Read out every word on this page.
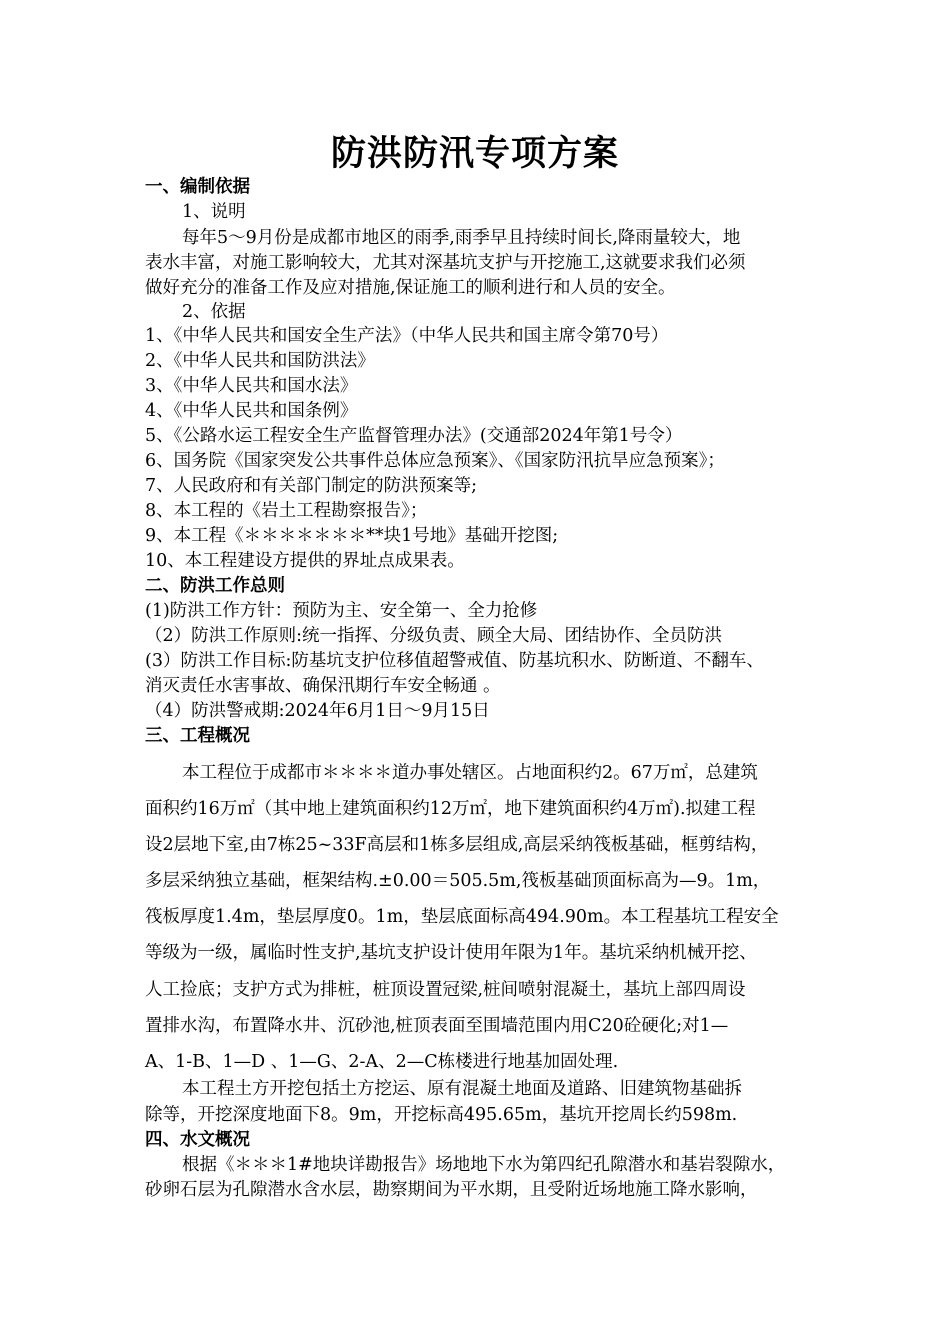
防洪防汛专项方案
一、编制依据
1、说明
每年5～9月份是成都市地区的雨季,雨季早且持续时间长,降雨量较大，地
表水丰富，对施工影响较大，尤其对深基坑支护与开挖施工,这就要求我们必须
做好充分的准备工作及应对措施,保证施工的顺利进行和人员的安全。
2、依据
1、《中华人民共和国安全生产法》（中华人民共和国主席令第70号）
2、《中华人民共和国防洪法》
3、《中华人民共和国水法》
4、《中华人民共和国条例》
5、《公路水运工程安全生产监督管理办法》(交通部2024年第1号令）
6、国务院《国家突发公共事件总体应急预案》、《国家防汛抗旱应急预案》；
7、人民政府和有关部门制定的防洪预案等;
8、本工程的《岩土工程勘察报告》；
9、本工程《＊＊＊＊＊＊＊**块1号地》基础开挖图;
10、本工程建设方提供的界址点成果表。
二、防洪工作总则
(1)防洪工作方针：预防为主、安全第一、全力抢修
（2）防洪工作原则:统一指挥、分级负责、顾全大局、团结协作、全员防洪
(3）防洪工作目标:防基坑支护位移值超警戒值、防基坑积水、防断道、不翻车、
消灭责任水害事故、确保汛期行车安全畅通 。
（4）防洪警戒期:2024年6月1日～9月15日
三、工程概况
本工程位于成都市＊＊＊＊道办事处辖区。占地面积约2。67万㎡，总建筑
面积约16万㎡（其中地上建筑面积约12万㎡，地下建筑面积约4万㎡).拟建工程
设2层地下室,由7栋25~33F高层和1栋多层组成,高层采纳筏板基础，框剪结构，
多层采纳独立基础，框架结构.±0.00＝505.5m,筏板基础顶面标高为—9。1m，
筏板厚度1.4m，垫层厚度0。1m，垫层底面标高494.90m。本工程基坑工程安全
等级为一级，属临时性支护,基坑支护设计使用年限为1年。基坑采纳机械开挖、
人工捡底；支护方式为排桩，桩顶设置冠梁,桩间喷射混凝土，基坑上部四周设
置排水沟，布置降水井、沉砂池,桩顶表面至围墙范围内用C20砼硬化;对1—
A、1-B、1—D 、1—G、2-A、2—C栋楼进行地基加固处理.
本工程土方开挖包括土方挖运、原有混凝土地面及道路、旧建筑物基础拆
除等，开挖深度地面下8。9m，开挖标高495.65m，基坑开挖周长约598m.
四、水文概况
根据《＊＊＊1#地块详勘报告》场地地下水为第四纪孔隙潜水和基岩裂隙水，
砂卵石层为孔隙潜水含水层，勘察期间为平水期，且受附近场地施工降水影响，
